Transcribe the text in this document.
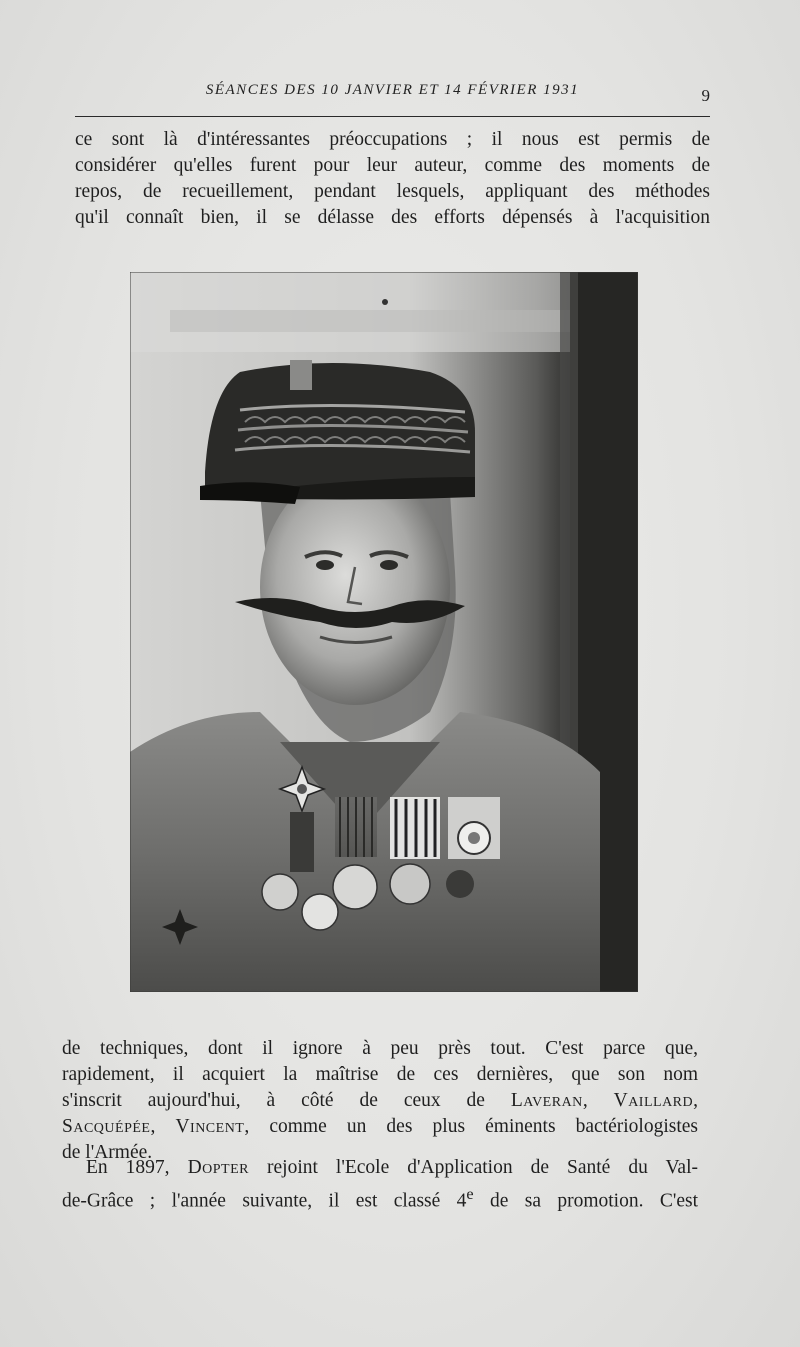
SÉANCES DES 10 JANVIER ET 14 FÉVRIER 1931	9
ce sont là d'intéressantes préoccupations ; il nous est permis de
considérer qu'elles furent pour leur auteur, comme des moments de
repos, de recueillement, pendant lesquels, appliquant des méthodes
qu'il connaît bien, il se délasse des efforts dépensés à l'acquisition
de techniques, dont il ignore à peu près tout. C'est parce que,
rapidement, il acquiert la maîtrise de ces dernières, que son nom
s'inscrit aujourd'hui, à côté de ceux de Laveran, Vaillard,
Sacquépée, Vincent, comme un des plus éminents bactériologistes
de l'Armée.
En 1897, Dopter rejoint l'Ecole d'Application de Santé du Val-
de-Grâce ; l'année suivante, il est classé 4e de sa promotion. C'est
